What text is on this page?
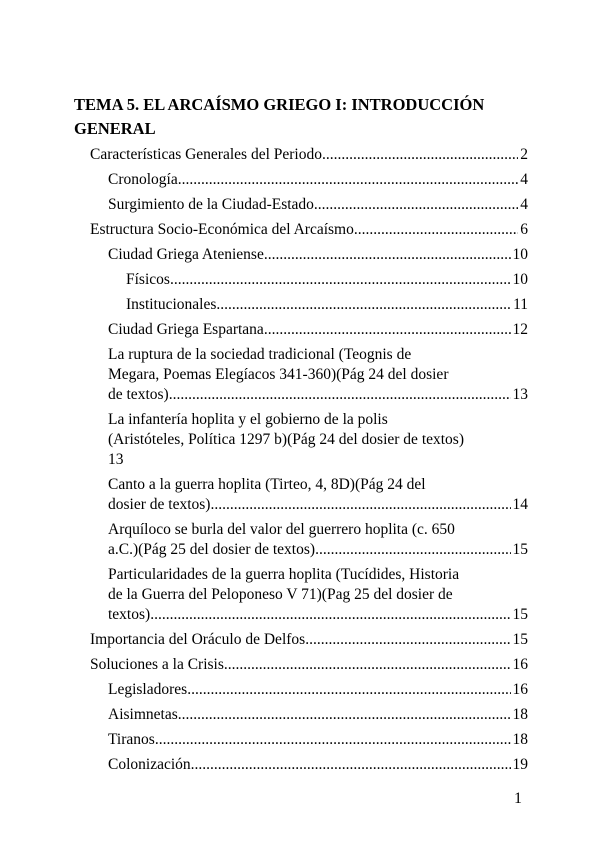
TEMA 5. EL ARCAÍSMO GRIEGO I: INTRODUCCIÓN
GENERAL
Características Generales del Periodo .....	2
Cronología .....	4
Surgimiento de la Ciudad-Estado .....	4
Estructura Socio-Económica del Arcaísmo .....	6
Ciudad Griega Ateniense .....	10
Físicos .....	10
Institucionales .....	11
Ciudad Griega Espartana .....	12
La ruptura de la sociedad tradicional (Teognis de
Megara, Poemas Elegíacos 341-360)(Pág 24 del dosier
de textos) .....	13
La infantería hoplita y el gobierno de la polis
(Aristóteles, Política 1297 b)(Pág 24 del dosier de textos)
13
Canto a la guerra hoplita (Tirteo, 4, 8D)(Pág 24 del
dosier de textos) .....	14
Arquíloco se burla del valor del guerrero hoplita (c. 650
a.C.)(Pág 25 del dosier de textos) .....	15
Particularidades de la guerra hoplita (Tucídides, Historia
de la Guerra del Peloponeso V 71)(Pag 25 del dosier de
textos) .....	15
Importancia del Oráculo de Delfos .....	15
Soluciones a la Crisis .....	16
Legisladores .....	16
Aisimnetas .....	18
Tiranos .....	18
Colonización .....	19
1
